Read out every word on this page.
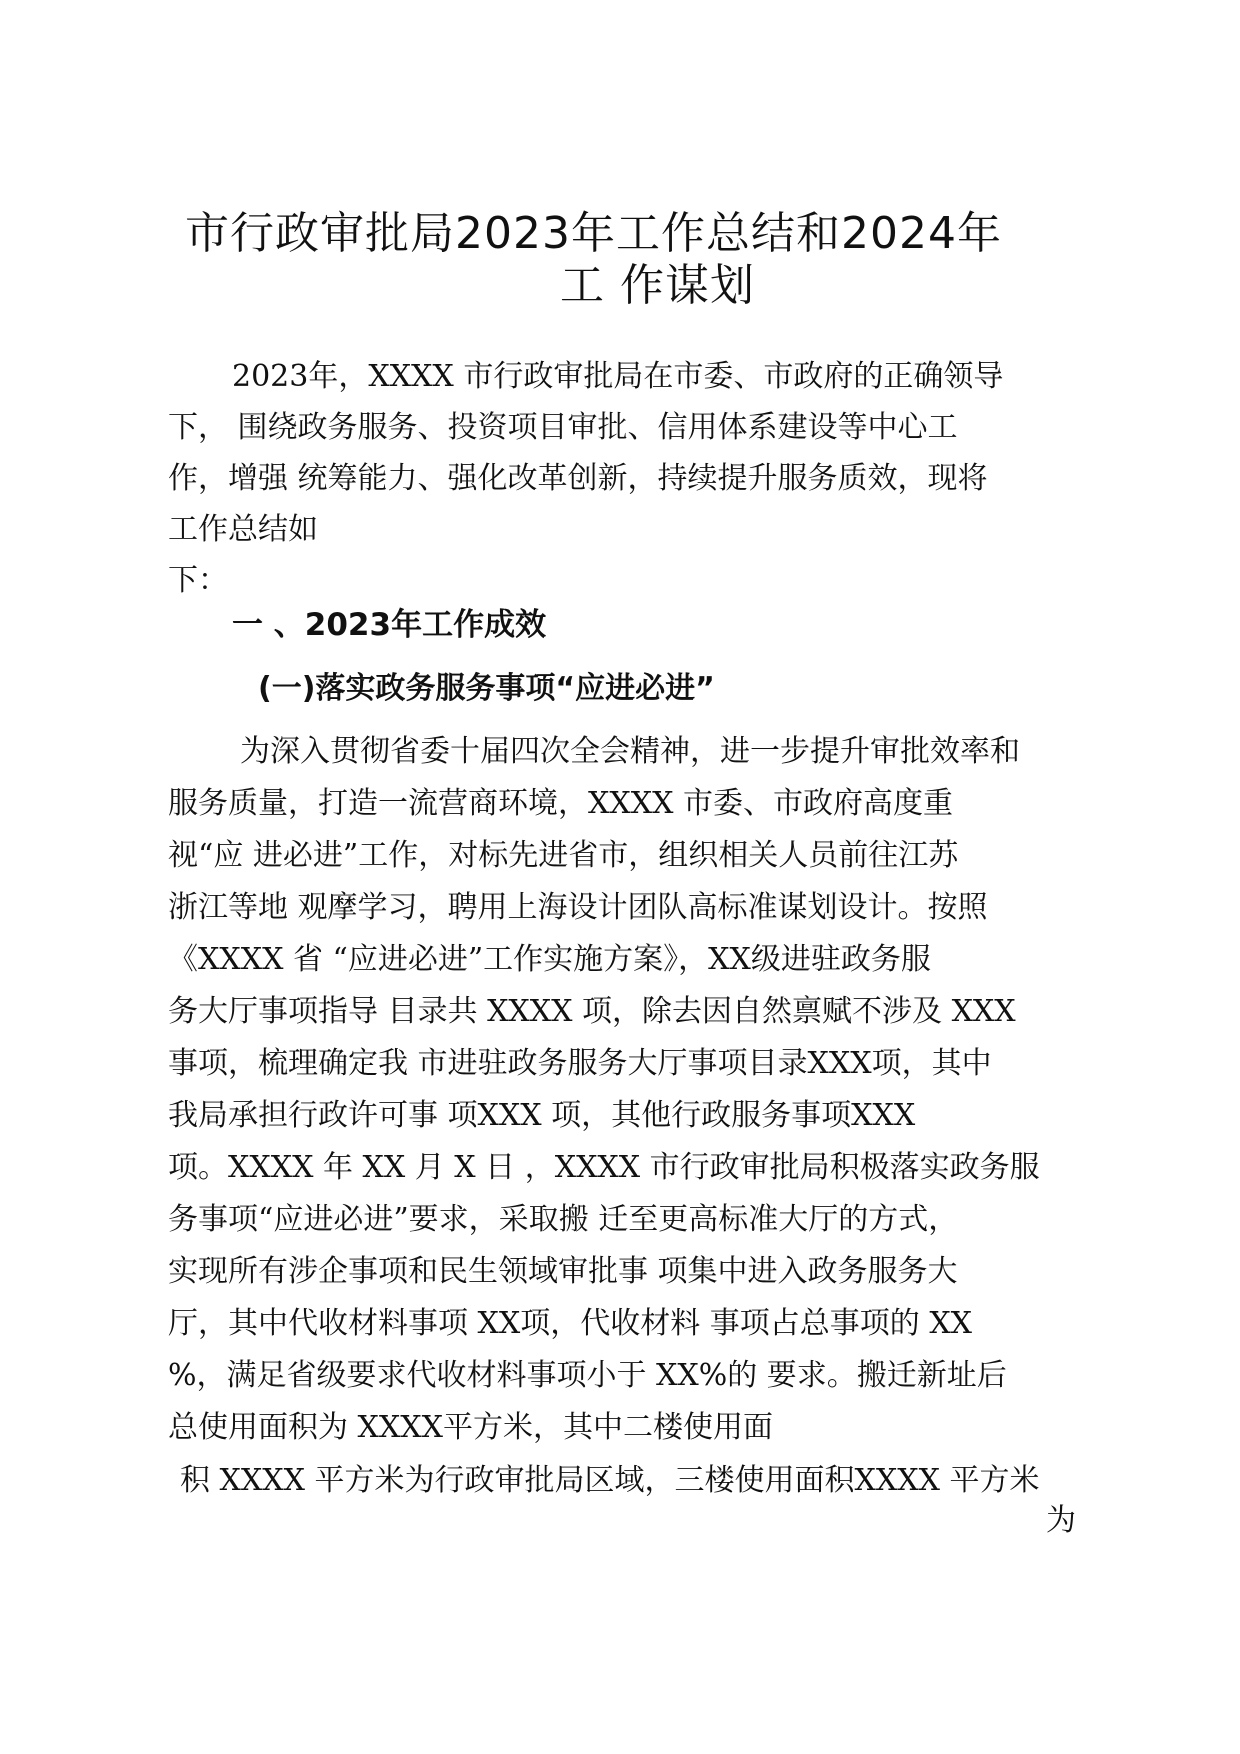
市行政审批局2023年工作总结和2024年
工 作谋划
2023年，XXXX 市行政审批局在市委、市政府的正确领导
下， 围绕政务服务、投资项目审批、信用体系建设等中心工
作，增强 统筹能力、强化改革创新，持续提升服务质效，现将
工作总结如
下：
一 、2023年工作成效
(一)落实政务服务事项“应进必进”
为深入贯彻省委十届四次全会精神，进一步提升审批效率和
服务质量，打造一流营商环境，XXXX 市委、市政府高度重
视“应 进必进”工作，对标先进省市，组织相关人员前往江苏
浙江等地 观摩学习，聘用上海设计团队高标准谋划设计。按照
《XXXX 省 “应进必进”工作实施方案》，XX级进驻政务服
务大厅事项指导 目录共 XXXX 项，除去因自然禀赋不涉及 XXX
事项，梳理确定我 市进驻政务服务大厅事项目录XXX项，其中
我局承担行政许可事 项XXX 项，其他行政服务事项XXX
项。XXXX 年 XX 月 X 日 ，XXXX 市行政审批局积极落实政务服
务事项“应进必进”要求，采取搬 迁至更高标准大厅的方式，
实现所有涉企事项和民生领域审批事 项集中进入政务服务大
厅，其中代收材料事项 XX项，代收材料 事项占总事项的 XX
%，满足省级要求代收材料事项小于 XX%的 要求。搬迁新址后
总使用面积为 XXXX平方米，其中二楼使用面
积 XXXX 平方米为行政审批局区域，三楼使用面积XXXX 平方米
为
